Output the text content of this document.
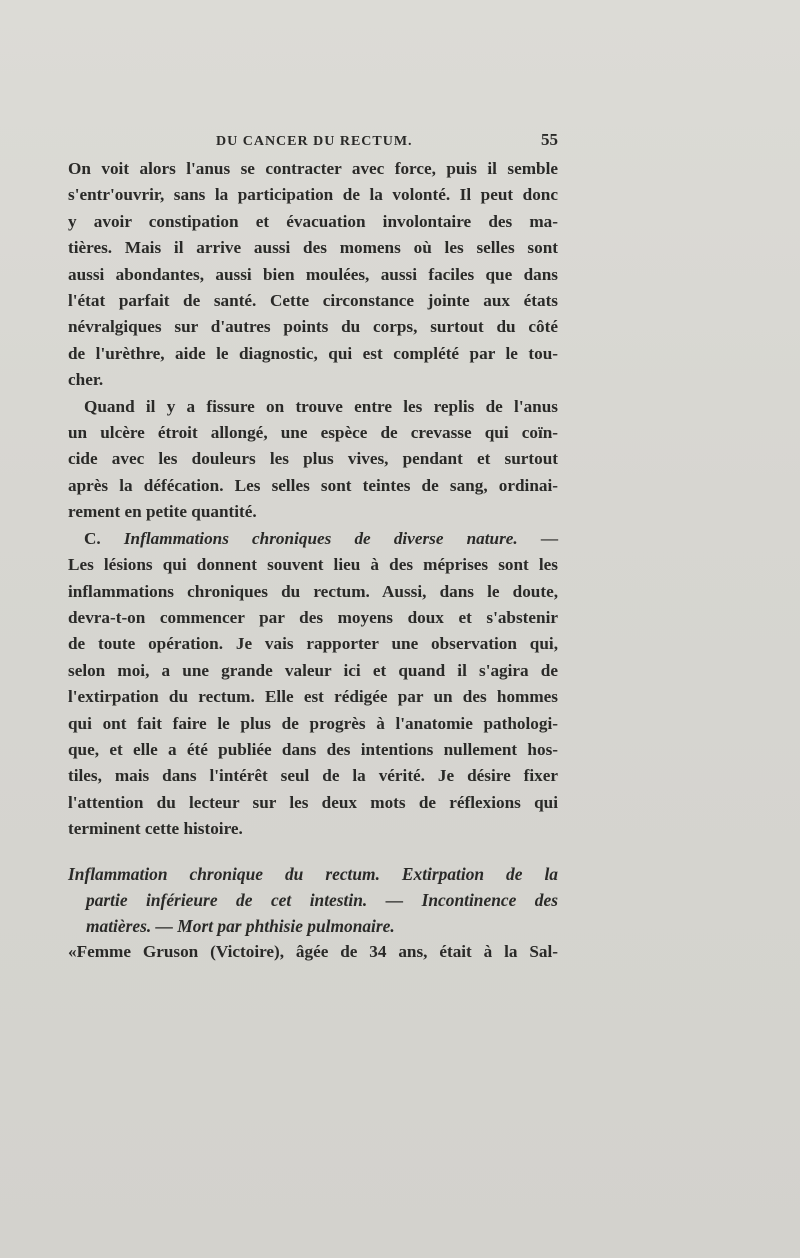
DU CANCER DU RECTUM.	55

On voit alors l'anus se contracter avec force, puis il semble
s'entr'ouvrir, sans la participation de la volonté. Il peut donc
y avoir constipation et évacuation involontaire des ma-
tières. Mais il arrive aussi des momens où les selles sont
aussi abondantes, aussi bien moulées, aussi faciles que dans
l'état parfait de santé. Cette circonstance jointe aux états
névralgiques sur d'autres points du corps, surtout du côté
de l'urèthre, aide le diagnostic, qui est complété par le tou-
cher.

Quand il y a fissure on trouve entre les replis de l'anus
un ulcère étroit allongé, une espèce de crevasse qui coïn-
cide avec les douleurs les plus vives, pendant et surtout
après la défécation. Les selles sont teintes de sang, ordinai-
rement en petite quantité.

C. Inflammations chroniques de diverse nature. —
Les lésions qui donnent souvent lieu à des méprises sont les
inflammations chroniques du rectum. Aussi, dans le doute,
devra-t-on commencer par des moyens doux et s'abstenir
de toute opération. Je vais rapporter une observation qui,
selon moi, a une grande valeur ici et quand il s'agira de
l'extirpation du rectum. Elle est rédigée par un des hommes
qui ont fait faire le plus de progrès à l'anatomie pathologi-
que, et elle a été publiée dans des intentions nullement hos-
tiles, mais dans l'intérêt seul de la vérité. Je désire fixer
l'attention du lecteur sur les deux mots de réflexions qui
terminent cette histoire.

Inflammation chronique du rectum. Extirpation de la
partie inférieure de cet intestin. — Incontinence des
matières. — Mort par phthisie pulmonaire.

«Femme Gruson (Victoire), âgée de 34 ans, était à la Sal-
